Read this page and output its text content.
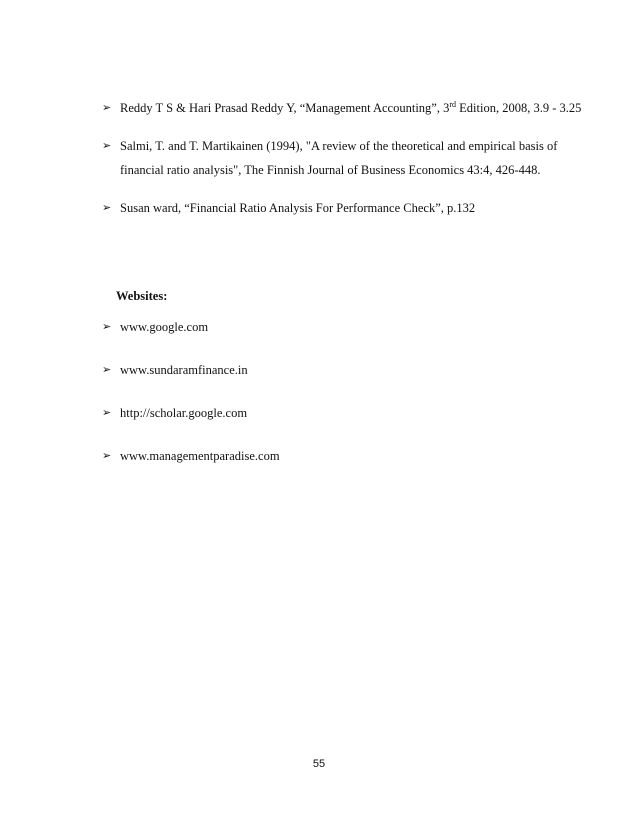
➢ Reddy T S & Hari Prasad Reddy Y, “Management Accounting”, 3rd Edition, 2008, 3.9 - 3.25
➢ Salmi, T. and T. Martikainen (1994), "A review of the theoretical and empirical basis of financial ratio analysis", The Finnish Journal of Business Economics 43:4, 426-448.
➢ Susan ward, “Financial Ratio Analysis For Performance Check”, p.132
Websites:
➢ www.google.com
➢ www.sundaramfinance.in
➢ http://scholar.google.com
➢ www.managementparadise.com
55
